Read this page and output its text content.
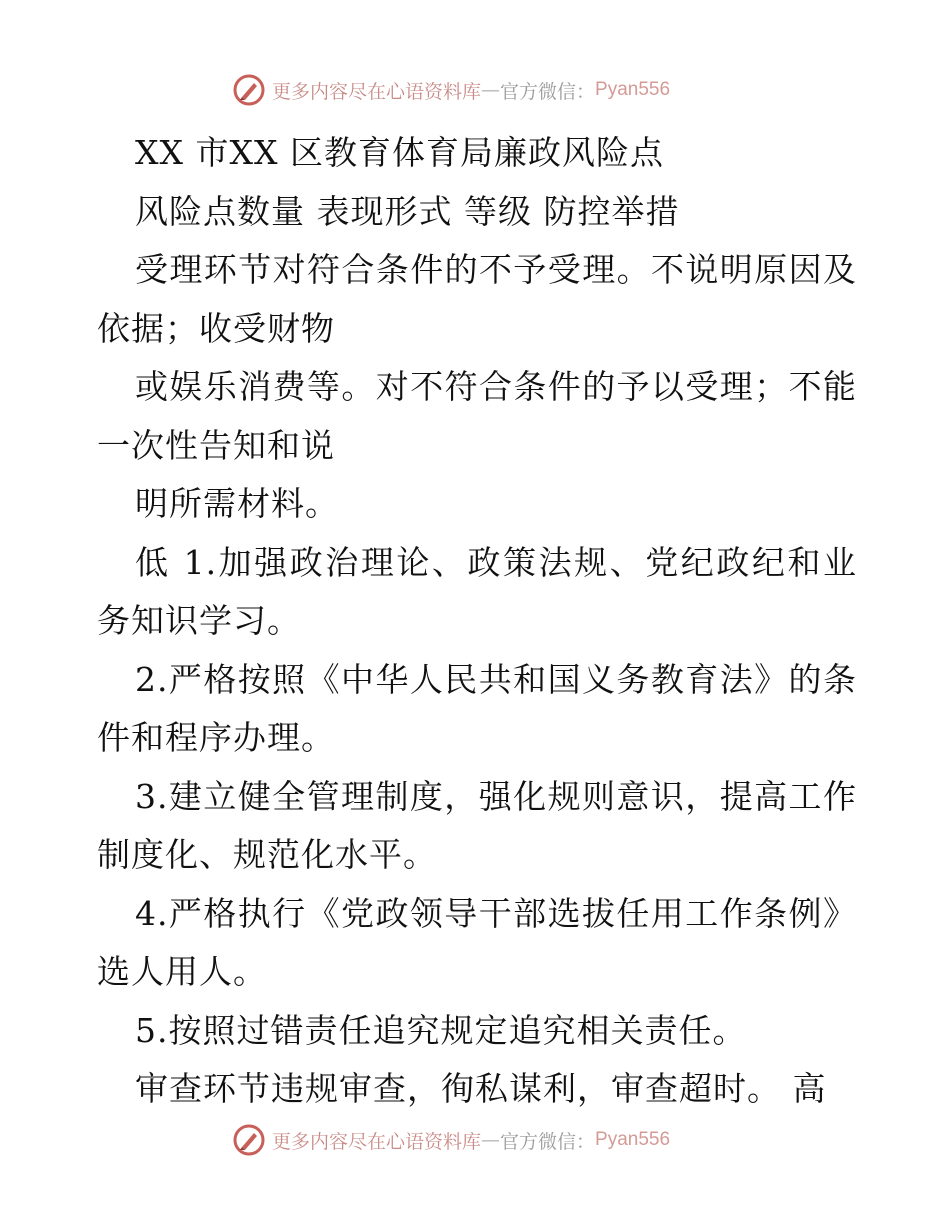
更多内容尽在心语资料库 — 官方微信： Pyan556

XX 市XX 区教育体育局廉政风险点

风险点数量 表现形式 等级 防控举措

受理环节对符合条件的不予受理。不说明原因及依据；收受财物

或娱乐消费等。对不符合条件的予以受理；不能一次性告知和说

明所需材料。

低 1.加强政治理论、政策法规、党纪政纪和业务知识学习。

2.严格按照《中华人民共和国义务教育法》的条件和程序办理。

3.建立健全管理制度，强化规则意识，提高工作制度化、规范化水平。

4.严格执行《党政领导干部选拔任用工作条例》选人用人。

5.按照过错责任追究规定追究相关责任。

审查环节违规审查，徇私谋利，审查超时。 高

更多内容尽在心语资料库 — 官方微信： Pyan556
